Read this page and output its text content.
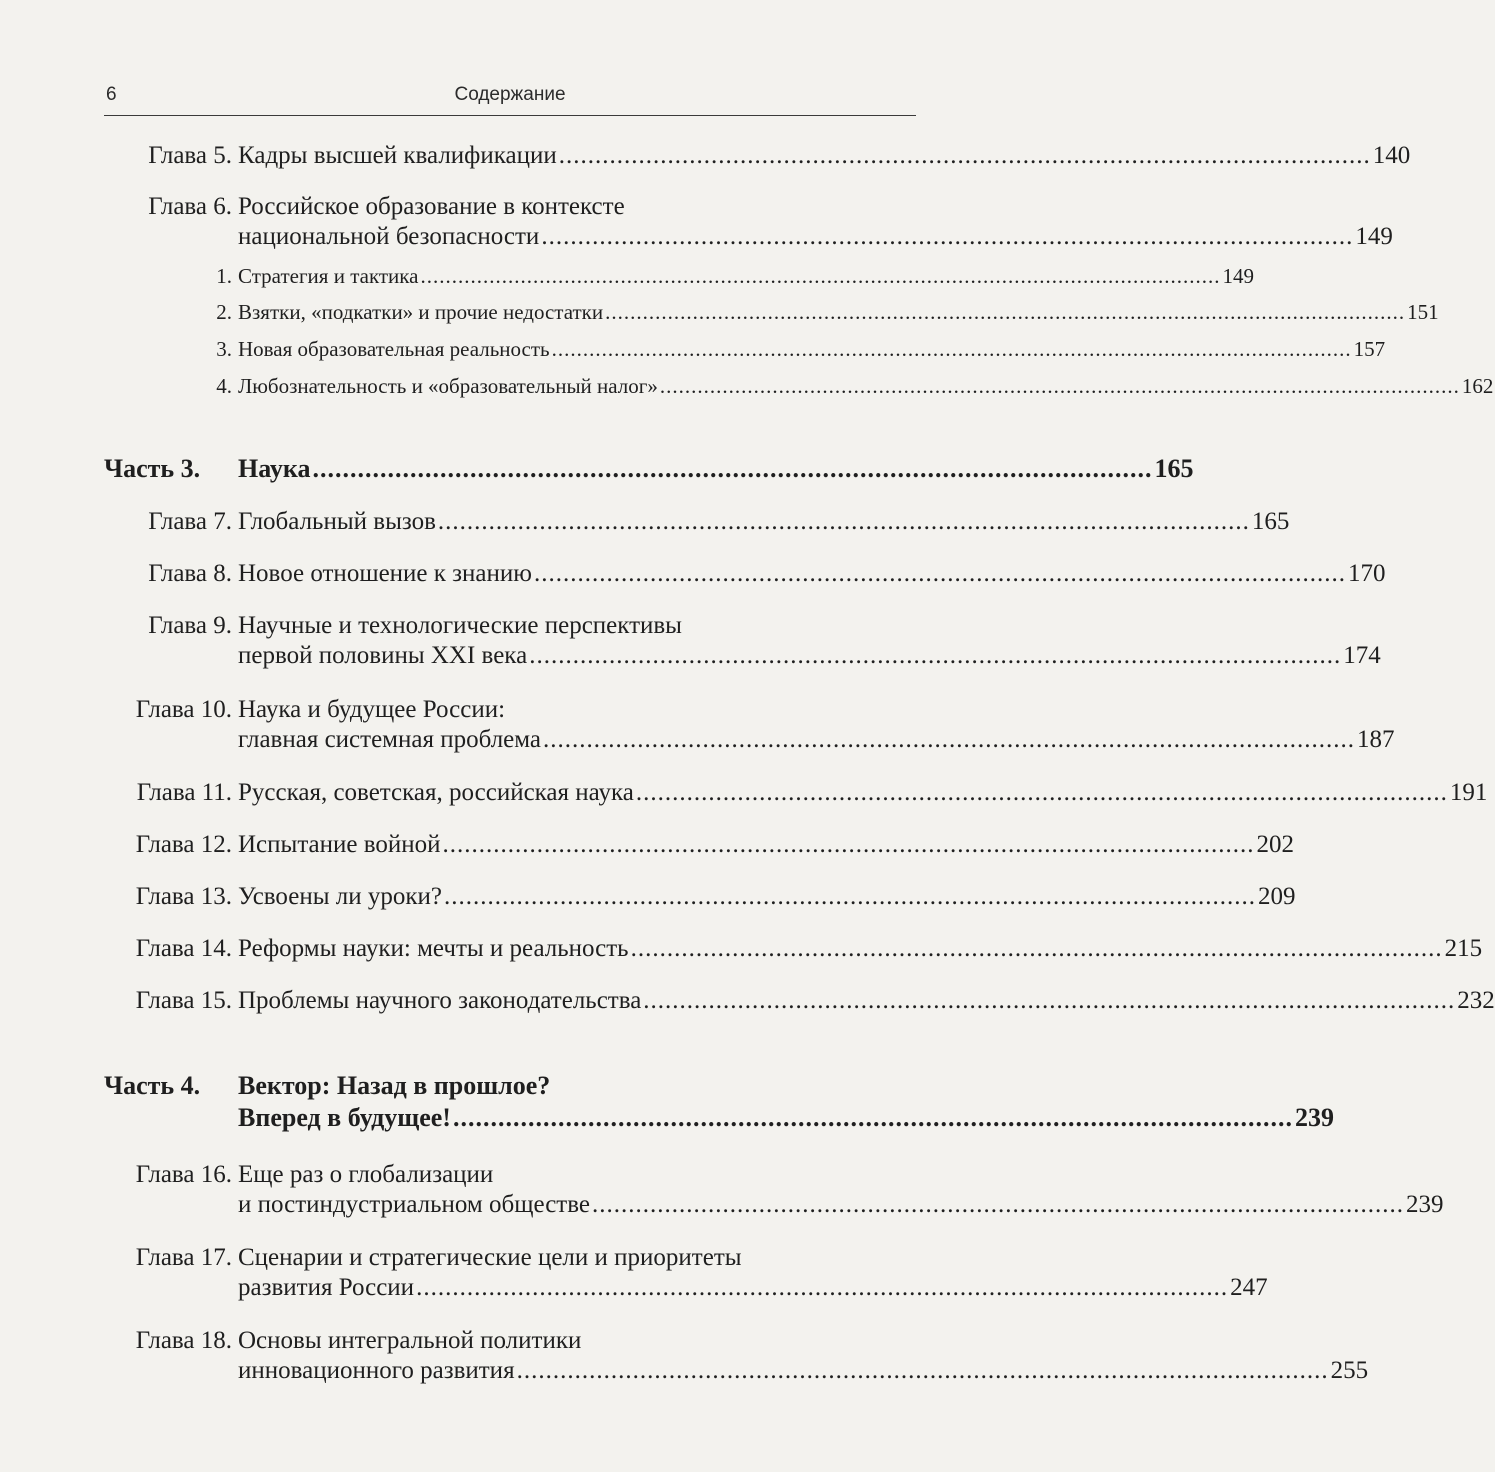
6	Содержание
Глава 5. Кадры высшей квалификации ................................................................................................................ 140
Глава 6. Российское образование в контексте
национальной безопасности ................................................................................................................ 149
1. Стратегия и тактика ................................................................................................................................ 149
2. Взятки, «подкатки» и прочие недостатки ................................................................................................................................ 151
3. Новая образовательная реальность ................................................................................................................................ 157
4. Любознательность и «образовательный налог» ................................................................................................................................ 162
Часть 3.	Наука ................................................................................................................ 165
Глава 7. Глобальный вызов ................................................................................................................ 165
Глава 8. Новое отношение к знанию ................................................................................................................ 170
Глава 9. Научные и технологические перспективы
первой половины XXI века ................................................................................................................ 174
Глава 10. Наука и будущее России:
главная системная проблема ................................................................................................................ 187
Глава 11. Русская, советская, российская наука ................................................................................................................ 191
Глава 12. Испытание войной ................................................................................................................ 202
Глава 13. Усвоены ли уроки? ................................................................................................................ 209
Глава 14. Реформы науки: мечты и реальность ................................................................................................................ 215
Глава 15. Проблемы научного законодательства ................................................................................................................ 232
Часть 4.	Вектор: Назад в прошлое?
Вперед в будущее! ................................................................................................................ 239
Глава 16. Еще раз о глобализации
и постиндустриальном обществе ................................................................................................................ 239
Глава 17. Сценарии и стратегические цели и приоритеты
развития России ................................................................................................................ 247
Глава 18. Основы интегральной политики
инновационного развития ................................................................................................................ 255
